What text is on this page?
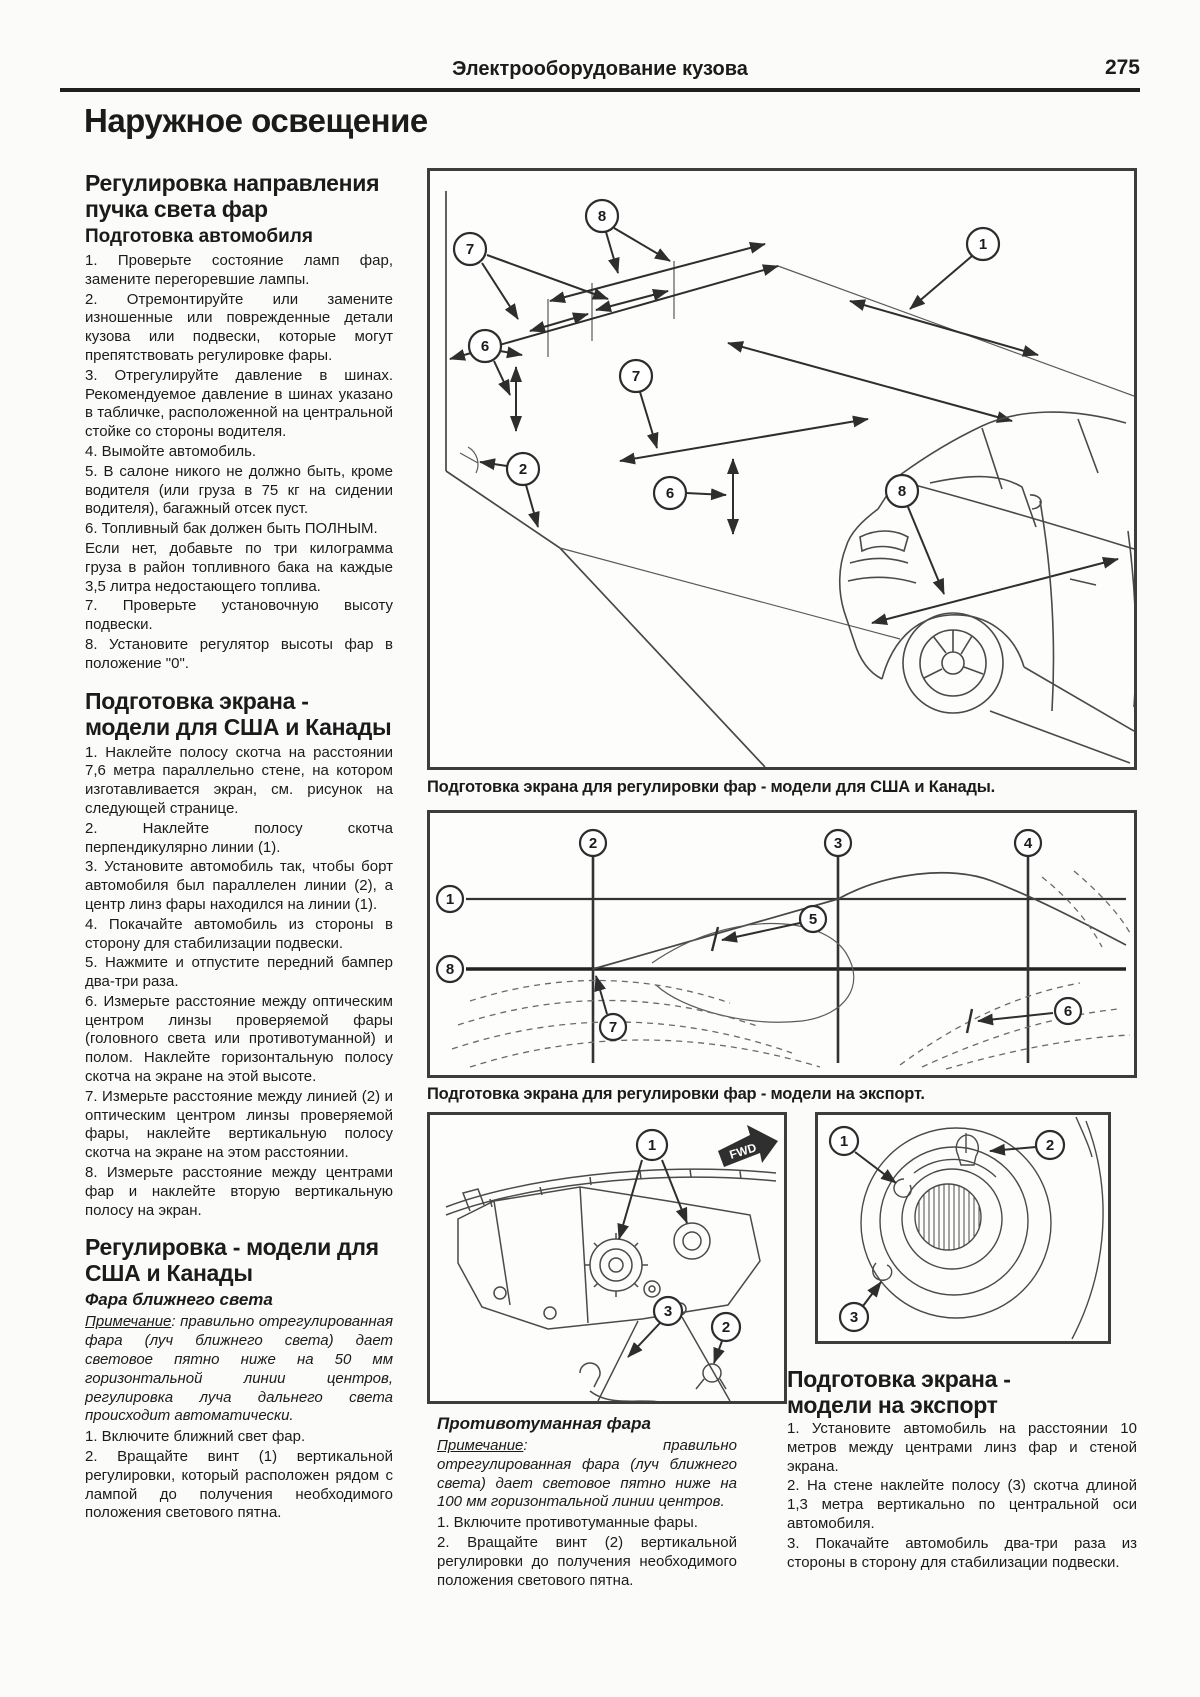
Электрооборудование кузова	275
Наружное освещение
Регулировка направления пучка света фар
Подготовка автомобиля

1. Проверьте состояние ламп фар, замените перегоревшие лампы.

2. Отремонтируйте или замените изношенные или поврежденные детали кузова или подвески, которые могут препятствовать регулировке фары.

3. Отрегулируйте давление в шинах. Рекомендуемое давление в шинах указано в табличке, расположенной на центральной стойке со стороны водителя.

4. Вымойте автомобиль.

5. В салоне никого не должно быть, кроме водителя (или груза в 75 кг на сидении водителя), багажный отсек пуст.

6. Топливный бак должен быть ПОЛНЫМ.

Если нет, добавьте по три килограмма груза в район топливного бака на каждые 3,5 литра недостающего топлива.

7. Проверьте установочную высоту подвески.

8. Установите регулятор высоты фар в положение "0".

Подготовка экрана - модели для США и Канады

1. Наклейте полосу скотча на расстоянии 7,6 метра параллельно стене, на котором изготавливается экран, см. рисунок на следующей странице.

2. Наклейте полосу скотча перпендикулярно линии (1).

3. Установите автомобиль так, чтобы борт автомобиля был параллелен линии (2), а центр линз фары находился на линии (1).

4. Покачайте автомобиль из стороны в сторону для стабилизации подвески.

5. Нажмите и отпустите передний бампер два-три раза.

6. Измерьте расстояние между оптическим центром линзы проверяемой фары (головного света или противотуманной) и полом. Наклейте горизонтальную полосу скотча на экране на этой высоте.

7. Измерьте расстояние между линией (2) и оптическим центром линзы проверяемой фары, наклейте вертикальную полосу скотча на экране на этом расстоянии.

8. Измерьте расстояние между центрами фар и наклейте вторую вертикальную полосу на экран.

Регулировка - модели для США и Канады
Фара ближнего света

Примечание: правильно отрегулированная фара (луч ближнего света) дает световое пятно ниже на 50 мм горизонтальной линии центров, регулировка луча дальнего света происходит автоматически.

1. Включите ближний свет фар.

2. Вращайте винт (1) вертикальной регулировки, который расположен рядом с лампой до получения необходимого положения светового пятна.

7
8
1
6
7
8
2
6
Подготовка экрана для регулировки фар - модели для США и Канады.
1
8
2	3	4
5
7
6
Подготовка экрана для регулировки фар - модели на экспорт.
FWD
1
2
3
1	2
3
Противотуманная фара

Примечание: правильно отрегулированная фара (луч ближнего света) дает световое пятно ниже на 100 мм горизонтальной линии центров.

1. Включите противотуманные фары.

2. Вращайте винт (2) вертикальной регулировки до получения необходимого положения светового пятна.

Подготовка экрана -
модели на экспорт

1. Установите автомобиль на расстоянии 10 метров между центрами линз фар и стеной экрана.

2. На стене наклейте полосу (3) скотча длиной 1,3 метра вертикально по центральной оси автомобиля.

3. Покачайте автомобиль два-три раза из стороны в сторону для стабилизации подвески.
